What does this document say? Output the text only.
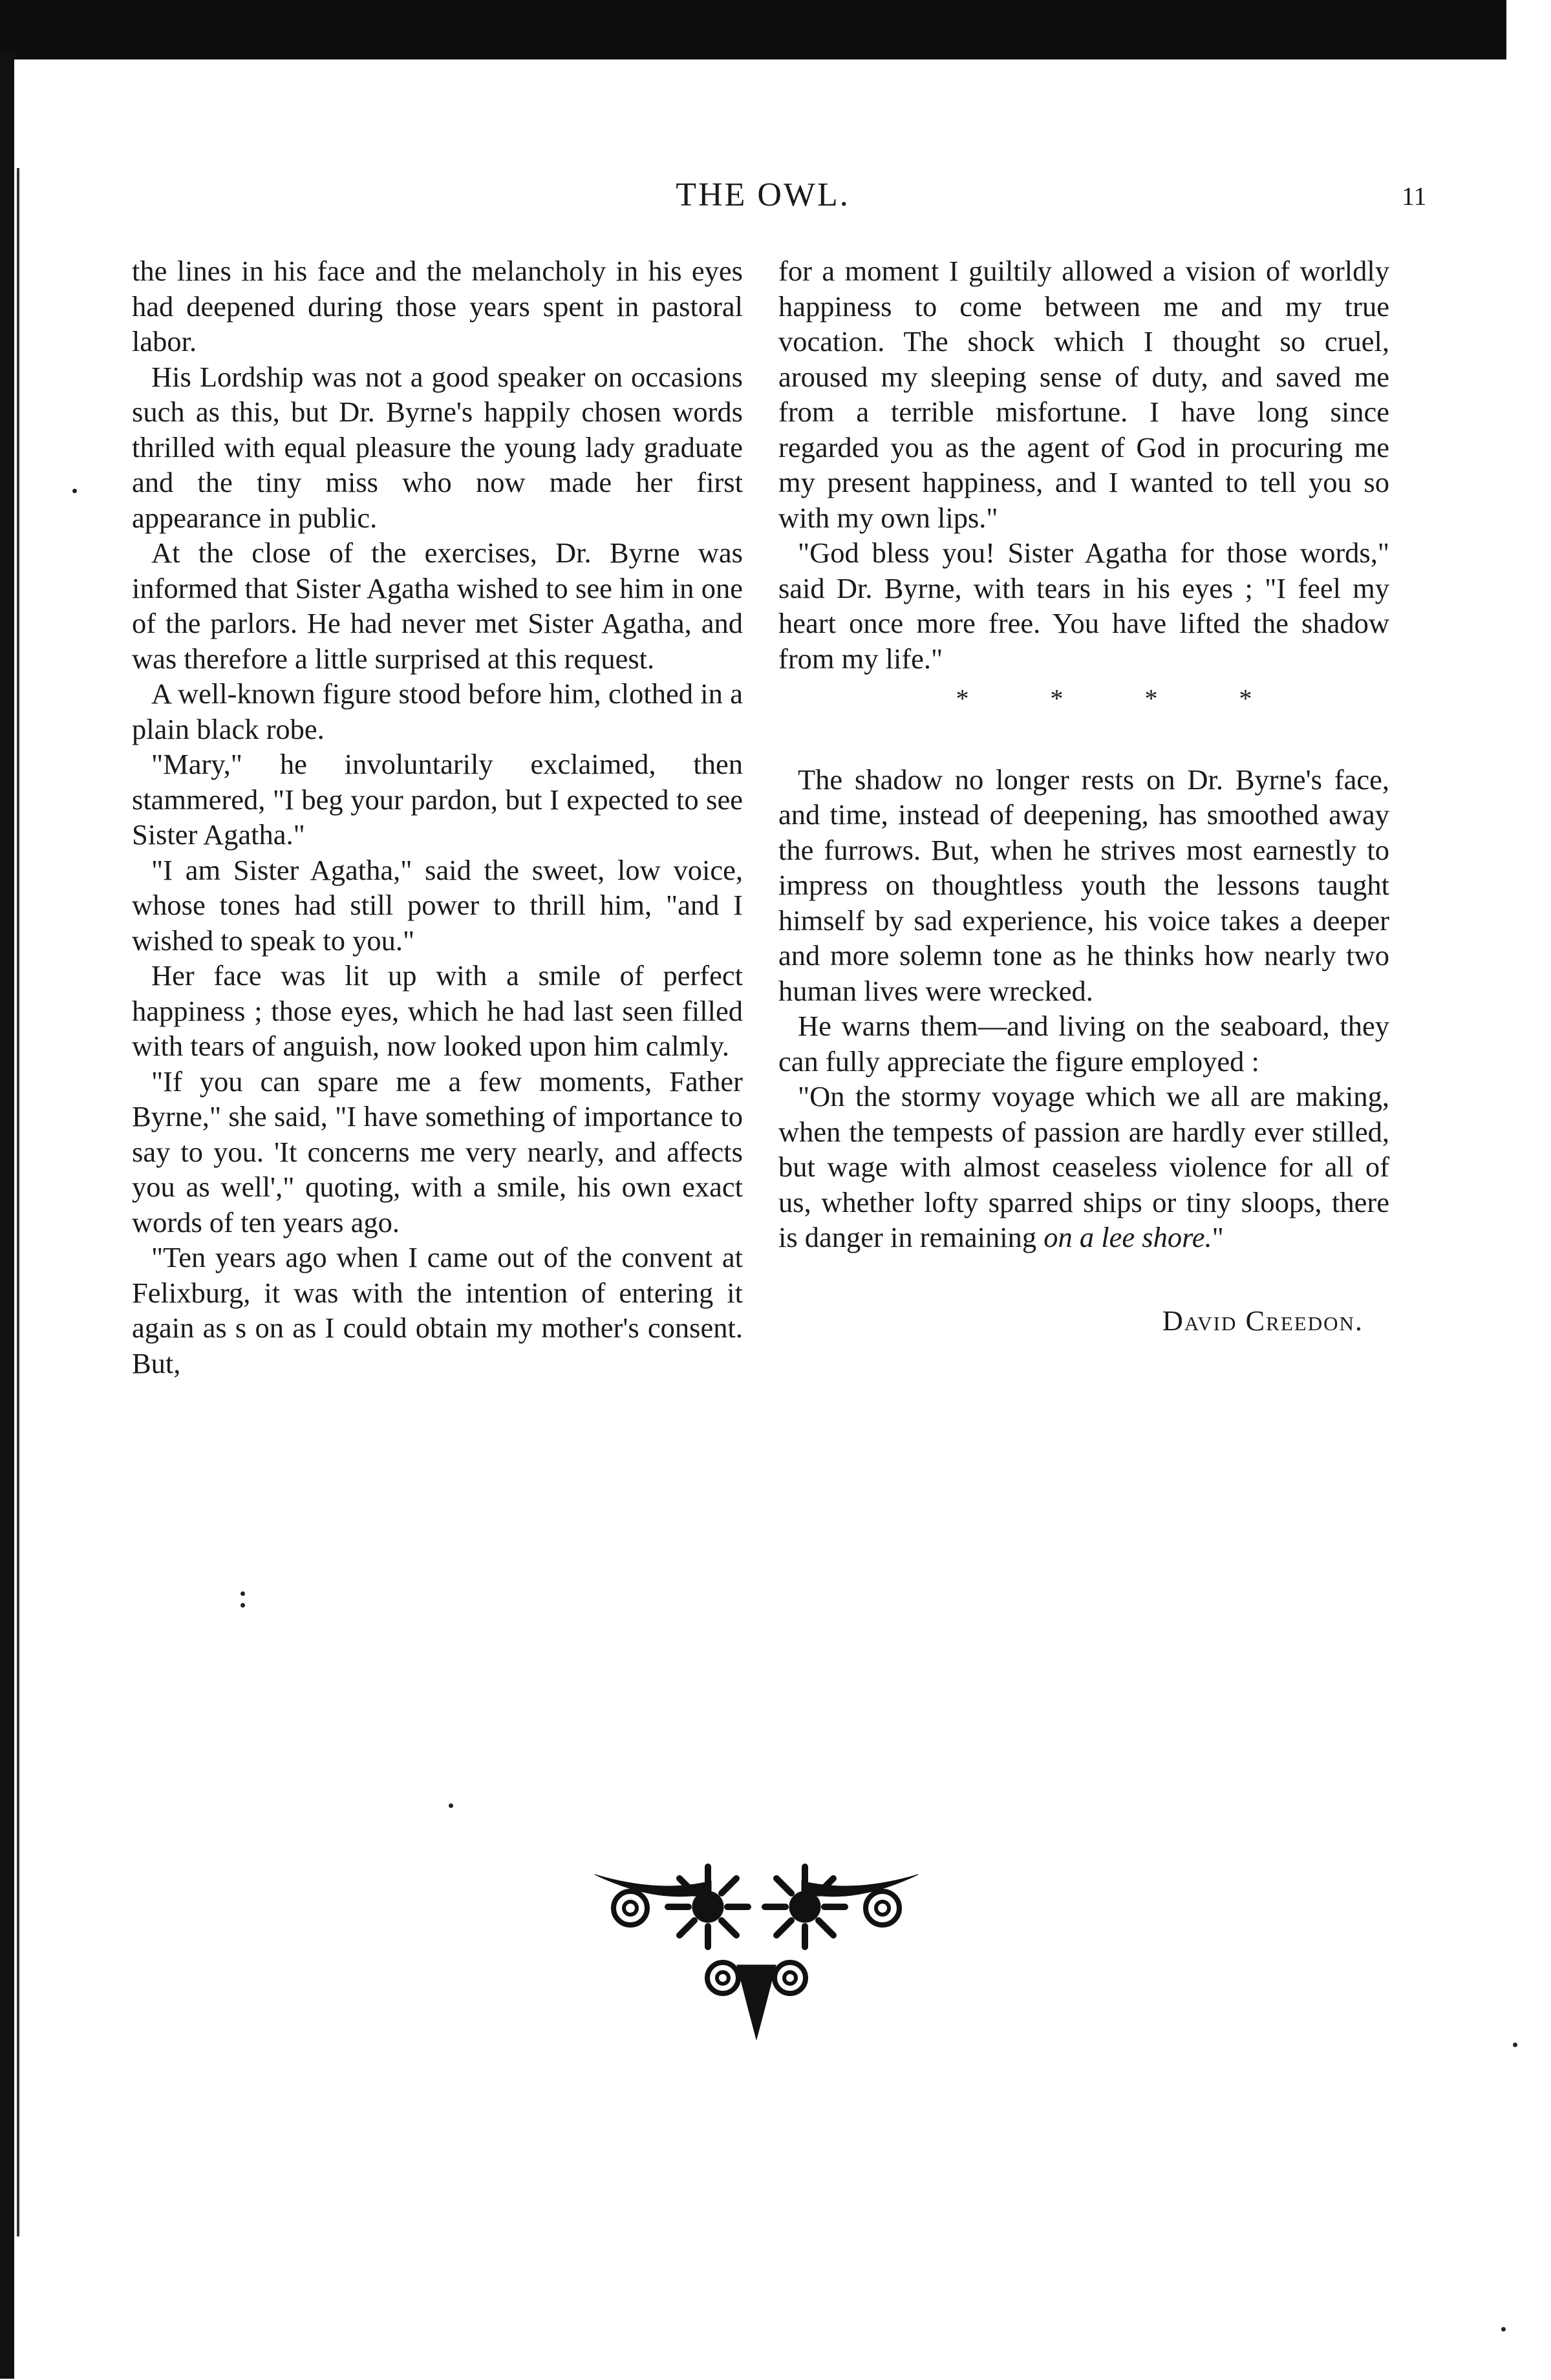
THE OWL.	11

the lines in his face and the melancholy in his eyes had deepened during those years spent in pastoral labor.

His Lordship was not a good speaker on occasions such as this, but Dr. Byrne's happily chosen words thrilled with equal pleasure the young lady graduate and the tiny miss who now made her first appearance in public.

At the close of the exercises, Dr. Byrne was informed that Sister Agatha wished to see him in one of the parlors. He had never met Sister Agatha, and was therefore a little surprised at this request.

A well-known figure stood before him, clothed in a plain black robe.

"Mary," he involuntarily exclaimed, then stammered, "I beg your pardon, but I expected to see Sister Agatha."

"I am Sister Agatha," said the sweet, low voice, whose tones had still power to thrill him, "and I wished to speak to you."

Her face was lit up with a smile of perfect happiness ; those eyes, which he had last seen filled with tears of anguish, now looked upon him calmly.

"If you can spare me a few moments, Father Byrne," she said, "I have something of importance to say to you. 'It concerns me very nearly, and affects you as well'," quoting, with a smile, his own exact words of ten years ago.

"Ten years ago when I came out of the convent at Felixburg, it was with the intention of entering it again as s on as I could obtain my mother's consent. But,

for a moment I guiltily allowed a vision of worldly happiness to come between me and my true vocation. The shock which I thought so cruel, aroused my sleeping sense of duty, and saved me from a terrible misfortune. I have long since regarded you as the agent of God in procuring me my present happiness, and I wanted to tell you so with my own lips."

"God bless you! Sister Agatha for those words," said Dr. Byrne, with tears in his eyes ; "I feel my heart once more free. You have lifted the shadow from my life."

* * * *

The shadow no longer rests on Dr. Byrne's face, and time, instead of deepening, has smoothed away the furrows. But, when he strives most earnestly to impress on thoughtless youth the lessons taught himself by sad experience, his voice takes a deeper and more solemn tone as he thinks how nearly two human lives were wrecked.

He warns them—and living on the seaboard, they can fully appreciate the figure employed :

"On the stormy voyage which we all are making, when the tempests of passion are hardly ever stilled, but wage with almost ceaseless violence for all of us, whether lofty sparred ships or tiny sloops, there is danger in remaining on a lee shore."

David Creedon.
